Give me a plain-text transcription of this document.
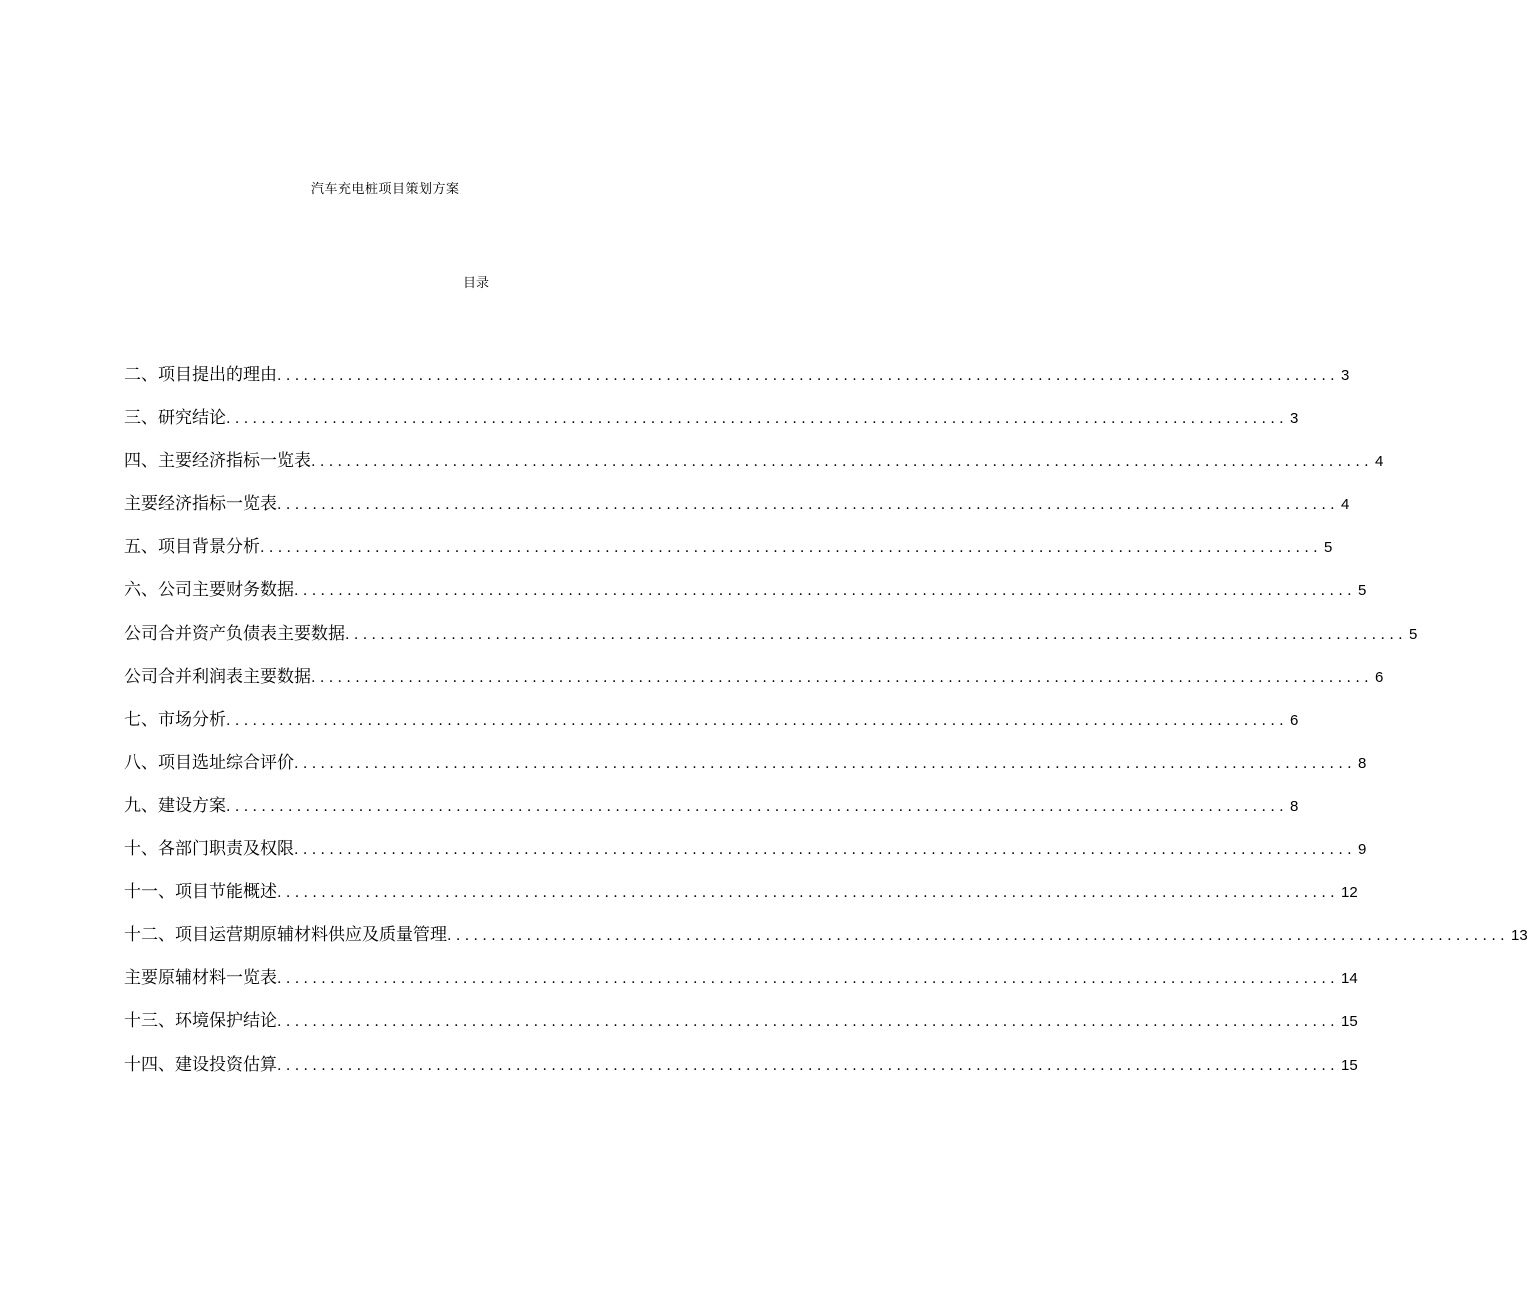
汽车充电桩项目策划方案
目录
二、项目提出的理由 ........................................................................................................................ 3
三、研究结论 ........................................................................................................................ 3
四、主要经济指标一览表 ........................................................................................................................ 4
主要经济指标一览表 ........................................................................................................................ 4
五、项目背景分析 ........................................................................................................................ 5
六、公司主要财务数据 ........................................................................................................................ 5
公司合并资产负债表主要数据 ........................................................................................................................ 5
公司合并利润表主要数据 ........................................................................................................................ 6
七、市场分析 ........................................................................................................................ 6
八、项目选址综合评价 ........................................................................................................................ 8
九、建设方案 ........................................................................................................................ 8
十、各部门职责及权限 ........................................................................................................................ 9
十一、项目节能概述 ........................................................................................................................ 12
十二、项目运营期原辅材料供应及质量管理 ........................................................................................................................ 13
主要原辅材料一览表 ........................................................................................................................ 14
十三、环境保护结论 ........................................................................................................................ 15
十四、建设投资估算 ........................................................................................................................ 15
